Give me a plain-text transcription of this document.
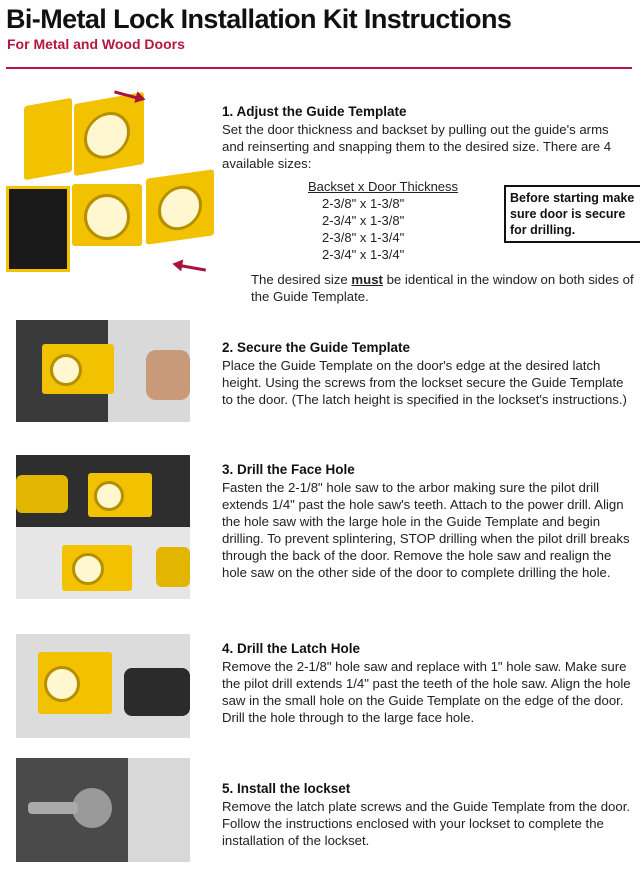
Bi-Metal Lock Installation Kit Instructions
For Metal and Wood Doors
1. Adjust the Guide Template

Set the door thickness and backset by pulling out the guide's arms and reinserting and snapping them to the desired size. There are 4 available sizes:

Backset x Door Thickness
2-3/8" x 1-3/8"
2-3/4" x 1-3/8"
2-3/8" x 1-3/4"
2-3/4" x 1-3/4"
Before starting make sure door is secure for drilling.
The desired size must be identical in the window on both sides of the Guide Template.
2. Secure the Guide Template

Place the Guide Template on the door's edge at the desired latch height. Using the screws from the lockset secure the Guide Template to the door. (The latch height is specified in the lockset's instructions.)

3. Drill the Face Hole

Fasten the 2-1/8" hole saw to the arbor making sure the pilot drill extends 1/4" past the hole saw's teeth. Attach to the power drill. Align the hole saw with the large hole in the Guide Template and begin drilling. To prevent splintering, STOP drilling when the pilot drill breaks through the back of the door. Remove the hole saw and realign the hole saw on the other side of the door to complete drilling the hole.

4. Drill the Latch Hole

Remove the 2-1/8" hole saw and replace with 1" hole saw. Make sure the pilot drill extends 1/4" past the teeth of the hole saw. Align the hole saw in the small hole on the Guide Template on the edge of the door. Drill the hole through to the large face hole.

5. Install the lockset

Remove the latch plate screws and the Guide Template from the door. Follow the instructions enclosed with your lockset to complete the installation of the lockset.
